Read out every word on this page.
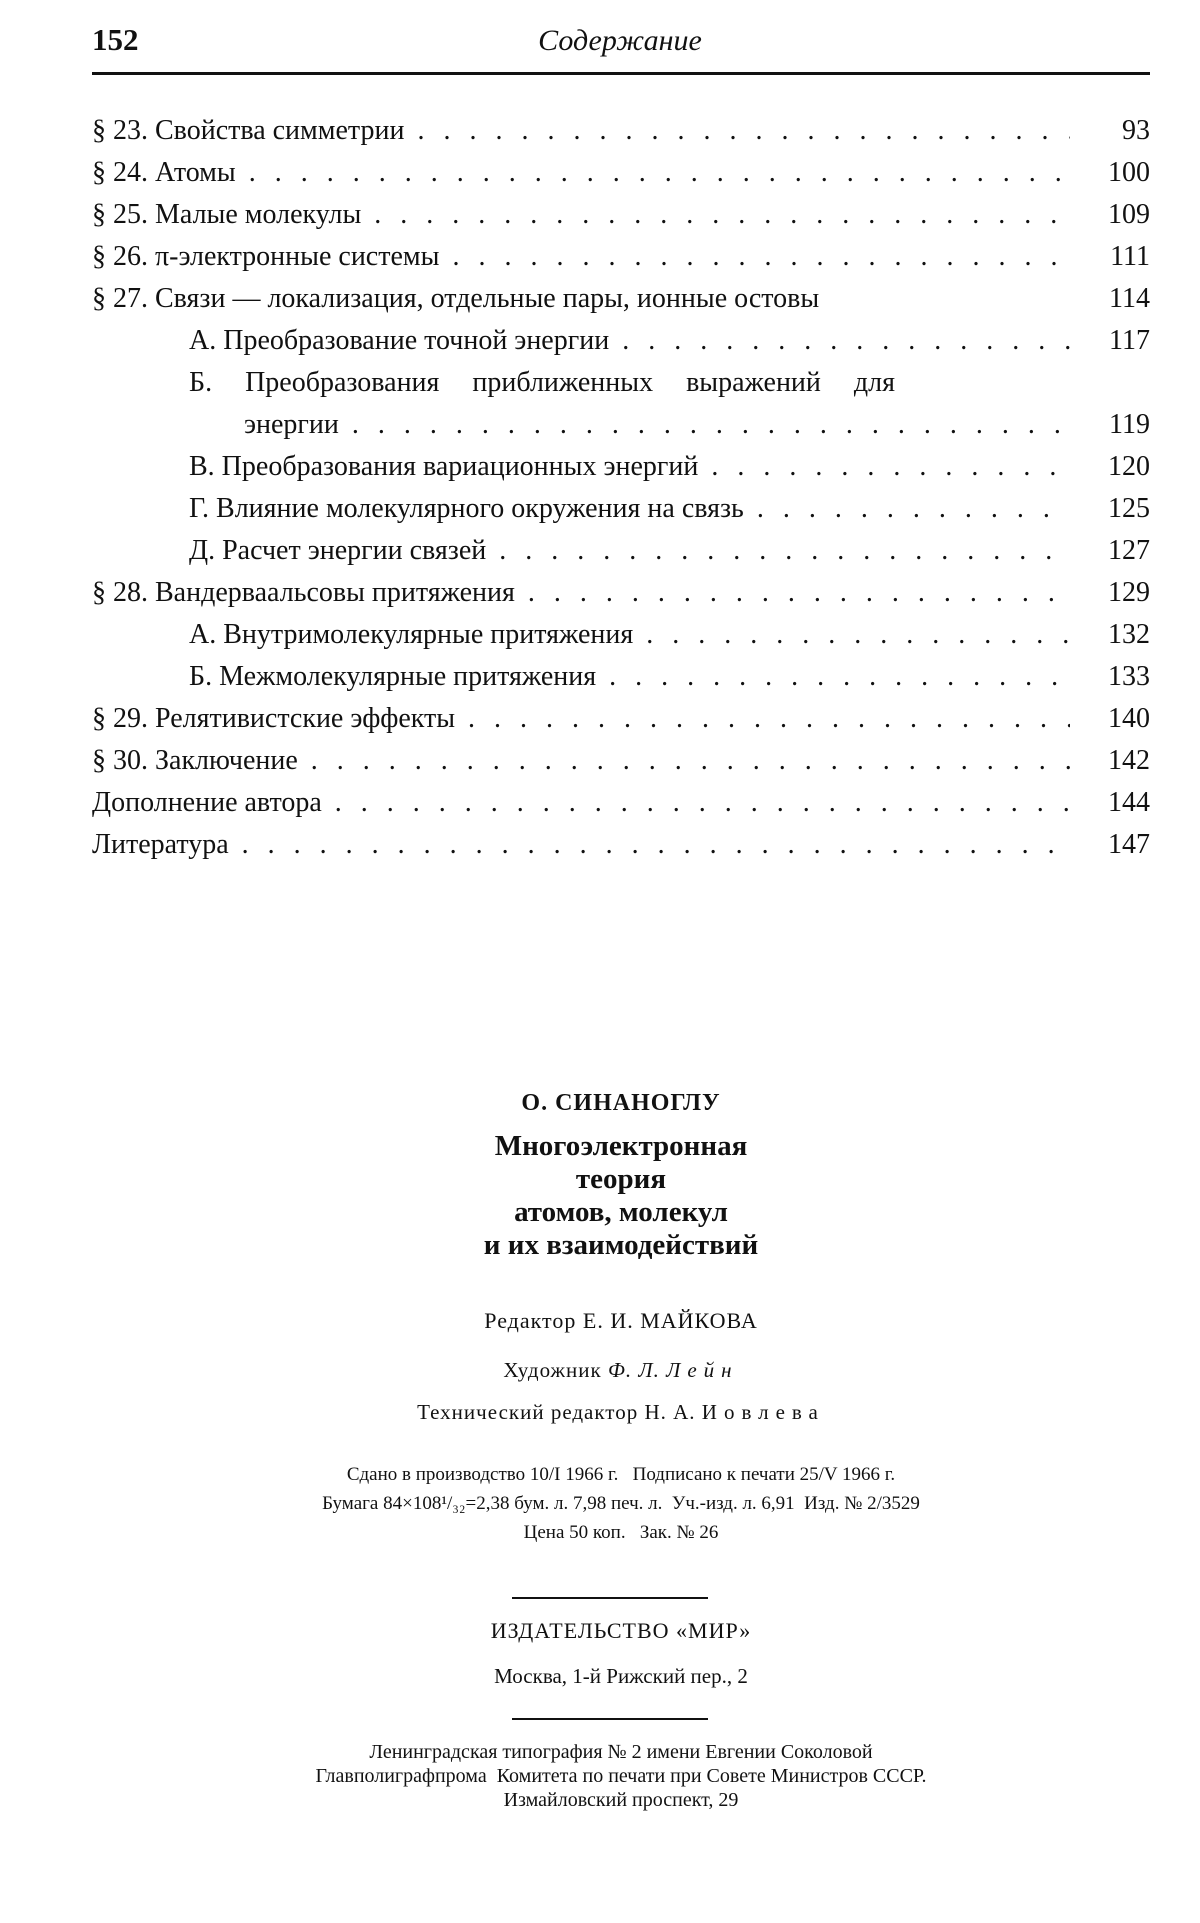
152	Содержание
§ 23. Свойства симметрии . . .	93
§ 24. Атомы . . .	100
§ 25. Малые молекулы . . .	109
§ 26. π-электронные системы . . .	111
§ 27. Связи — локализация, отдельные пары, ионные остовы	114
А. Преобразование точной энергии . . .	117
Б. Преобразования приближенных выражений для
энергии . . .	119
В. Преобразования вариационных энергий . . .	120
Г. Влияние молекулярного окружения на связь . . .	125
Д. Расчет энергии связей . . .	127
§ 28. Вандерваальсовы притяжения . . .	129
А. Внутримолекулярные притяжения . . .	132
Б. Межмолекулярные притяжения . . .	133
§ 29. Релятивистские эффекты . . .	140
§ 30. Заключение . . .	142
Дополнение автора . . .	144
Литература . . .	147
О. СИНАНОГЛУ
Многоэлектронная
теория
атомов, молекул
и их взаимодействий
Редактор Е. И. МАЙКОВА
Художник Ф. Л. Лейн
Технический редактор Н. А. Иовлева
Сдано в производство 10/I 1966 г.   Подписано к печати 25/V 1966 г.
Бумага 84×108¹/₃₂=2,38 бум. л. 7,98 печ. л.  Уч.-изд. л. 6,91  Изд. № 2/3529
Цена 50 коп.   Зак. № 26
ИЗДАТЕЛЬСТВО «МИР»
Москва, 1-й Рижский пер., 2
Ленинградская типография № 2 имени Евгении Соколовой
Главполиграфпрома  Комитета по печати при Совете Министров СССР.
Измайловский проспект, 29
